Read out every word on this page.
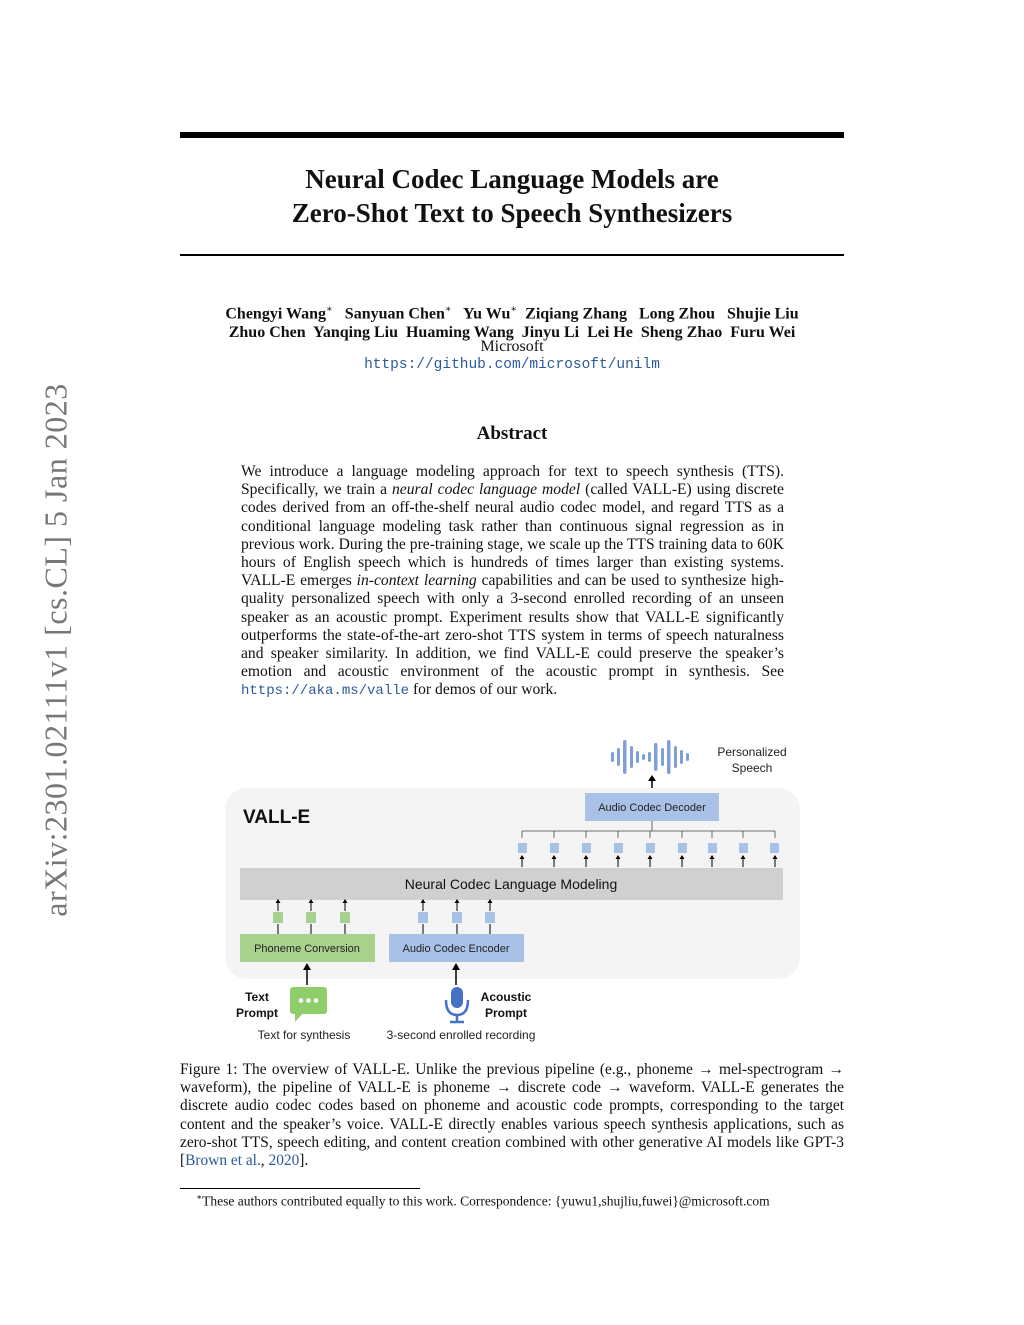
arXiv:2301.02111v1 [cs.CL] 5 Jan 2023
Neural Codec Language Models are
Zero-Shot Text to Speech Synthesizers
Chengyi Wang∗ Sanyuan Chen∗ Yu Wu∗ Ziqiang Zhang Long Zhou Shujie Liu
Zhuo Chen  Yanqing Liu  Huaming Wang  Jinyu Li  Lei He  Sheng Zhao  Furu Wei
Microsoft
https://github.com/microsoft/unilm
Abstract
We introduce a language modeling approach for text to speech synthesis (TTS). Specifically, we train a neural codec language model (called VALL-E) using discrete codes derived from an off-the-shelf neural audio codec model, and regard TTS as a conditional language modeling task rather than continuous signal regression as in previous work. During the pre-training stage, we scale up the TTS training data to 60K hours of English speech which is hundreds of times larger than existing systems. VALL-E emerges in-context learning capabilities and can be used to synthesize high-quality personalized speech with only a 3-second enrolled recording of an unseen speaker as an acoustic prompt. Experiment results show that VALL-E significantly outperforms the state-of-the-art zero-shot TTS system in terms of speech naturalness and speaker similarity. In addition, we find VALL-E could preserve the speaker’s emotion and acoustic environment of the acoustic prompt in synthesis. See https://aka.ms/valle for demos of our work.
Personalized
Speech
VALL-E	Audio Codec Decoder
Neural Codec Language Modeling
Phoneme Conversion	Audio Codec Encoder
Text
Prompt
Acoustic
Prompt
Text for synthesis	3-second enrolled recording
Figure 1: The overview of VALL-E. Unlike the previous pipeline (e.g., phoneme → mel-spectrogram → waveform), the pipeline of VALL-E is phoneme → discrete code → waveform. VALL-E generates the discrete audio codec codes based on phoneme and acoustic code prompts, corresponding to the target content and the speaker’s voice. VALL-E directly enables various speech synthesis applications, such as zero-shot TTS, speech editing, and content creation combined with other generative AI models like GPT-3 [Brown et al., 2020].
∗These authors contributed equally to this work. Correspondence: {yuwu1,shujliu,fuwei}@microsoft.com
